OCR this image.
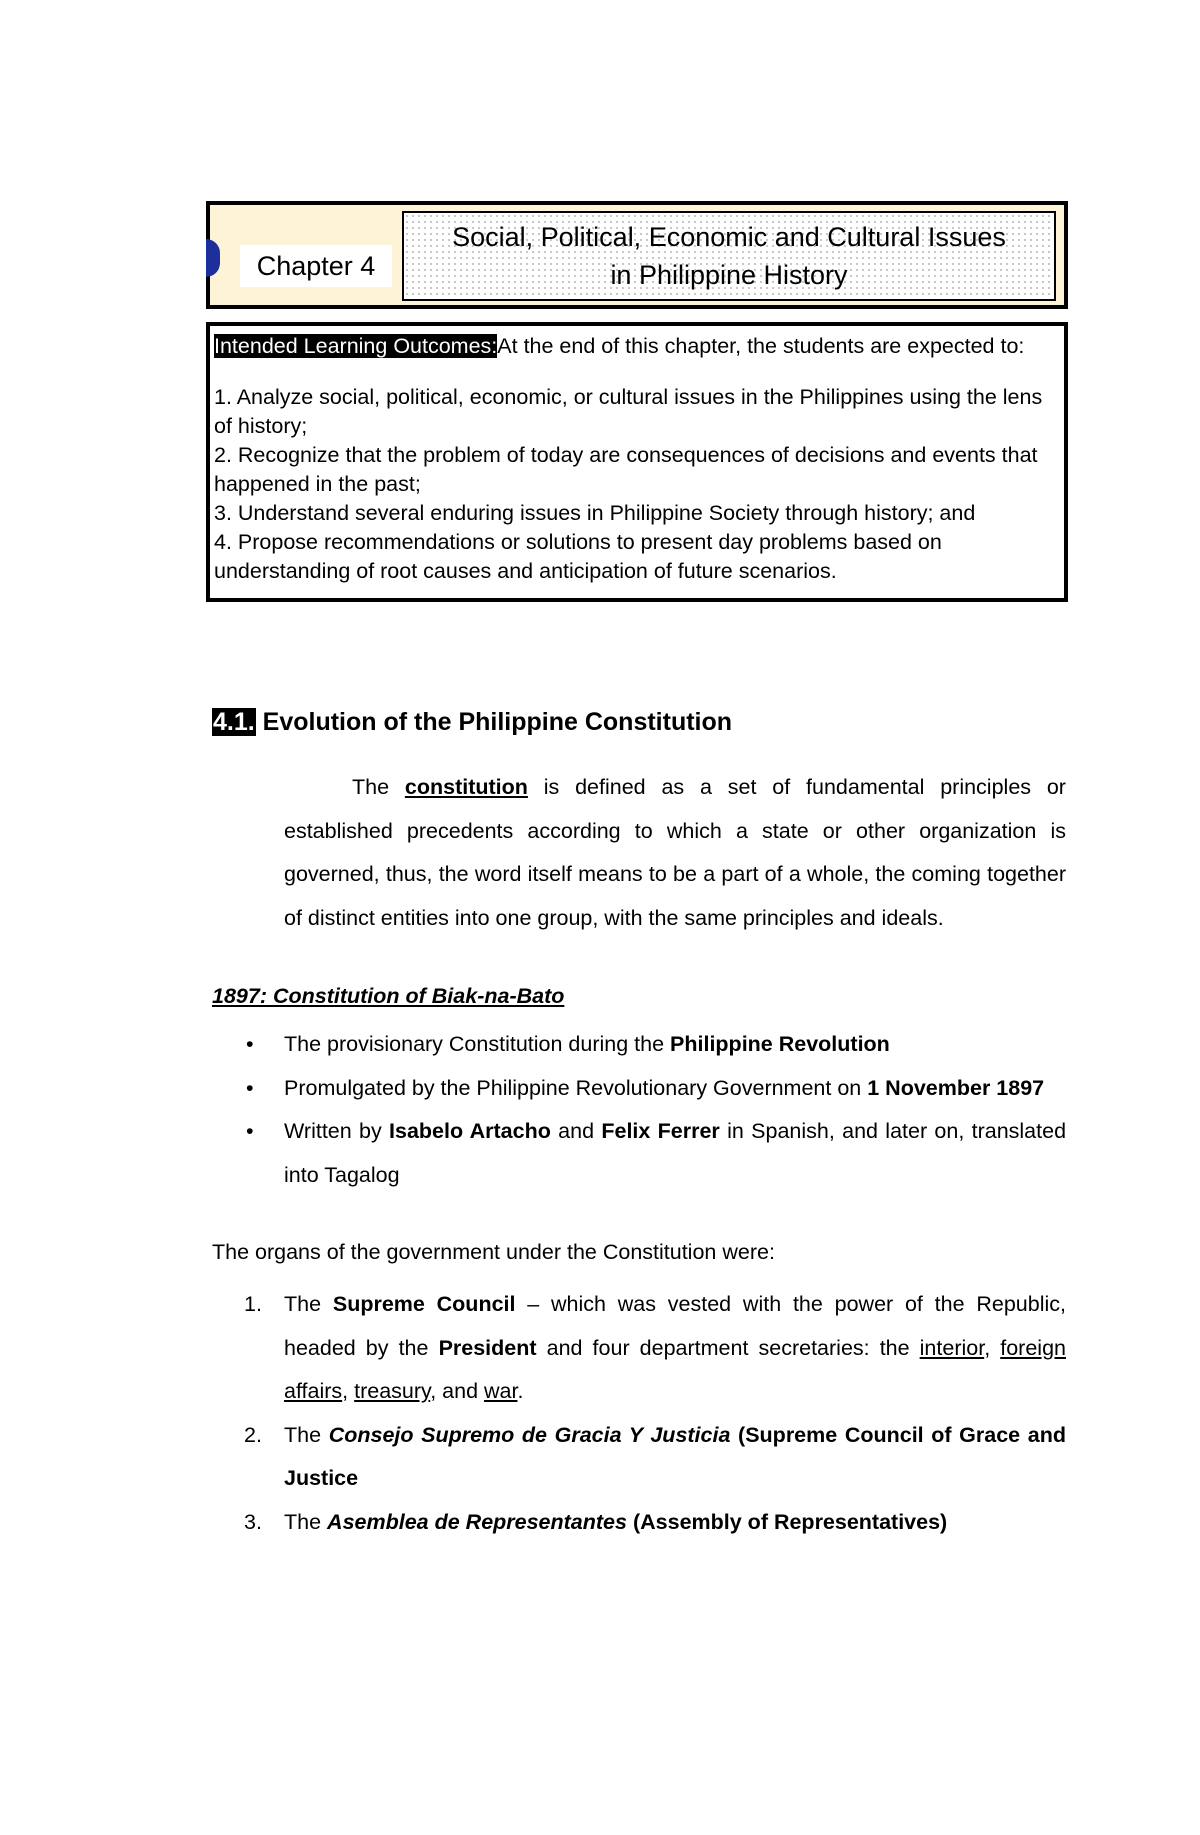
Chapter 4
Social, Political, Economic and Cultural Issues
in Philippine History
Intended Learning Outcomes:At the end of this chapter, the students are expected to:
1. Analyze social, political, economic, or cultural issues in the Philippines using the lens of history;
2. Recognize that the problem of today are consequences of decisions and events that happened in the past;
3. Understand several enduring issues in Philippine Society through history; and
4. Propose recommendations or solutions to present day problems based on understanding of root causes and anticipation of future scenarios.
4.1. Evolution of the Philippine Constitution
The constitution is defined as a set of fundamental principles or established precedents according to which a state or other organization is governed, thus, the word itself means to be a part of a whole, the coming together of distinct entities into one group, with the same principles and ideals.
1897: Constitution of Biak-na-Bato
•	The provisionary Constitution during the Philippine Revolution
•	Promulgated by the Philippine Revolutionary Government on 1 November 1897
•	Written by Isabelo Artacho and Felix Ferrer in Spanish, and later on, translated into Tagalog
The organs of the government under the Constitution were:
1. The Supreme Council – which was vested with the power of the Republic, headed by the President and four department secretaries: the interior, foreign affairs, treasury, and war.
2. The Consejo Supremo de Gracia Y Justicia (Supreme Council of Grace and Justice
3. The Asemblea de Representantes (Assembly of Representatives)
